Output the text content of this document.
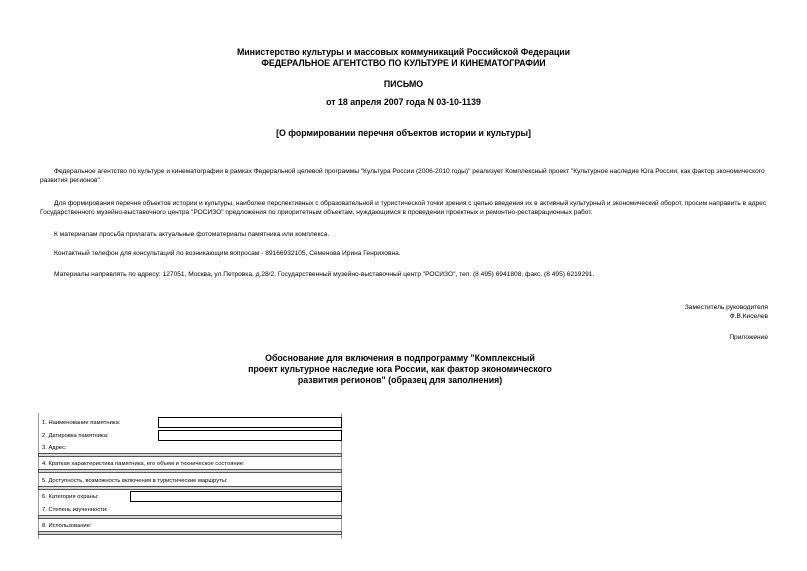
Министерство культуры и массовых коммуникаций Российской Федерации
ФЕДЕРАЛЬНОЕ АГЕНТСТВО ПО КУЛЬТУРЕ И КИНЕМАТОГРАФИИ
ПИСЬМО
от 18 апреля 2007 года N 03-10-1139
[О формировании перечня объектов истории и культуры]
Федеральное агентство по культуре и кинематографии в рамках Федеральной целевой программы "Культура России (2006-2010 годы)" реализует Комплексный проект "Культурное наследие Юга России, как фактор экономического развития регионов".
Для формирования перечня объектов истории и культуры, наиболее перспективных с образовательной и туристической точки зрения с целью введения их в активный культурный и экономический оборот, просим направить в адрес Государственного музейно-выставочного центра "РОСИЗО" предложения по приоритетным объектам, нуждающимся в проведении проектных и ремонтно-реставрационных работ.
К материалам просьба прилагать актуальные фотоматериалы памятника или комплекса.
Контактный телефон для консультаций по возникающим вопросам - 89166932105, Семенова Ирина Генриховна.
Материалы направлять по адресу: 127051, Москва, ул.Петровка, д.28/2, Государственный музейно-выставочный центр "РОСИЗО", тел. (8 495) 6941808, факс. (8 495) 6219291.
Заместитель руководителя
Ф.В.Киселев
Приложение
Обоснование для включения в подпрограмму "Комплексный
проект культурное наследие юга России, как фактор экономического
развития регионов" (образец для заполнения)
1. Наименование памятника:
2. Датировка памятника:
3. Адрес:
4. Краткая характеристика памятника, его объем и техническое состояние:
5. Доступность, возможность включения в туристические маршруты:
6. Категория охраны:
7. Степень изученности:
8. Использование:
